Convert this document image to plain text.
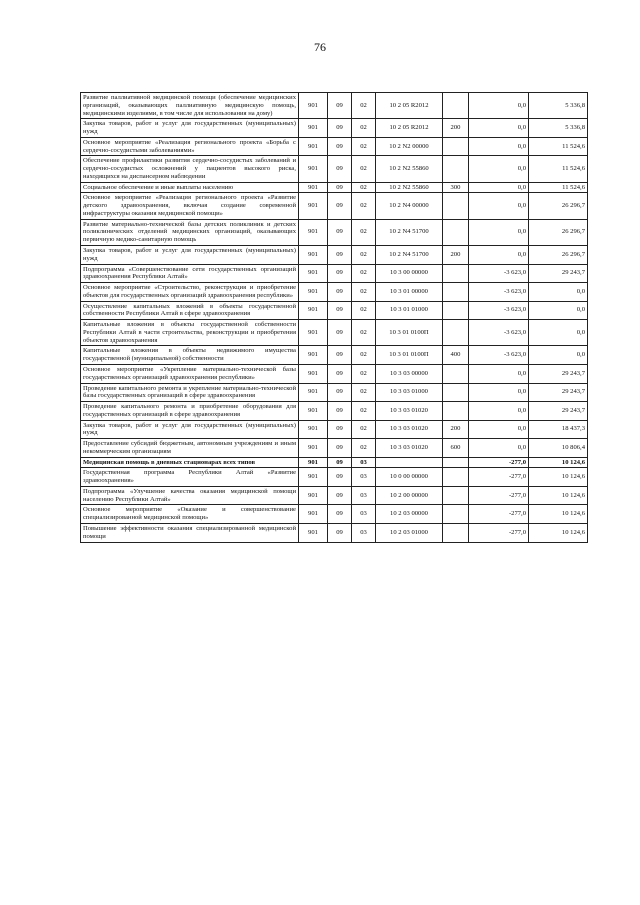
76
Развитие паллиативной медицинской помощи (обеспечение медицинских организаций, оказывающих паллиативную медицинскую помощь, медицинскими изделиями, в том числе для использования на дому)	901	09	02	10 2 05 R2012		0,0	5 336,8
Закупка товаров, работ и услуг для государственных (муниципальных) нужд	901	09	02	10 2 05 R2012	200	0,0	5 336,8
Основное мероприятие «Реализация регионального проекта «Борьба с сердечно-сосудистыми заболеваниями»	901	09	02	10 2 N2 00000		0,0	11 524,6
Обеспечение профилактики развития сердечно-сосудистых заболеваний и сердечно-сосудистых осложнений у пациентов высокого риска, находящихся на диспансерном наблюдении	901	09	02	10 2 N2 55860		0,0	11 524,6
Социальное обеспечение и иные выплаты населению	901	09	02	10 2 N2 55860	300	0,0	11 524,6
Основное мероприятие «Реализация регионального проекта «Развитие детского здравоохранения, включая создание современной инфраструктуры оказания медицинской помощи»	901	09	02	10 2 N4 00000		0,0	26 296,7
Развитие материально-технической базы детских поликлиник и детских поликлинических отделений медицинских организаций, оказывающих первичную медико-санитарную помощь	901	09	02	10 2 N4 51700		0,0	26 296,7
Закупка товаров, работ и услуг для государственных (муниципальных) нужд	901	09	02	10 2 N4 51700	200	0,0	26 296,7
Подпрограмма «Совершенствование сети государственных организаций здравоохранения Республики Алтай»	901	09	02	10 3 00 00000		-3 623,0	29 243,7
Основное мероприятие «Строительство, реконструкция и приобретение объектов для государственных организаций здравоохранения республики»	901	09	02	10 3 01 00000		-3 623,0	0,0
Осуществление капитальных вложений в объекты государственной собственности Республики Алтай в сфере здравоохранения	901	09	02	10 3 01 01000		-3 623,0	0,0
Капитальные вложения в объекты государственной собственности Республики Алтай в части строительства, реконструкции и приобретения объектов здравоохранения	901	09	02	10 3 01 0100П		-3 623,0	0,0
Капитальные вложения в объекты недвижимого имущества государственной (муниципальной) собственности	901	09	02	10 3 01 0100П	400	-3 623,0	0,0
Основное мероприятие «Укрепление материально-технической базы государственных организаций здравоохранения республики»	901	09	02	10 3 03 00000		0,0	29 243,7
Проведение капитального ремонта и укрепление материально-технической базы государственных организаций в сфере здравоохранения	901	09	02	10 3 03 01000		0,0	29 243,7
Проведение капитального ремонта и приобретение оборудования для государственных организаций в сфере здравоохранения	901	09	02	10 3 03 01020		0,0	29 243,7
Закупка товаров, работ и услуг для государственных (муниципальных) нужд	901	09	02	10 3 03 01020	200	0,0	18 437,3
Предоставление субсидий бюджетным, автономным учреждениям и иным некоммерческим организациям	901	09	02	10 3 03 01020	600	0,0	10 806,4
Медицинская помощь в дневных стационарах всех типов	901	09	03			-277,0	10 124,6
Государственная программа Республики Алтай «Развитие здравоохранения»	901	09	03	10 0 00 00000		-277,0	10 124,6
Подпрограмма «Улучшение качества оказания медицинской помощи населению Республики Алтай»	901	09	03	10 2 00 00000		-277,0	10 124,6
Основное мероприятие «Оказание и совершенствование специализированной медицинской помощи»	901	09	03	10 2 03 00000		-277,0	10 124,6
Повышение эффективности оказания специализированной медицинской помощи	901	09	03	10 2 03 01000		-277,0	10 124,6
